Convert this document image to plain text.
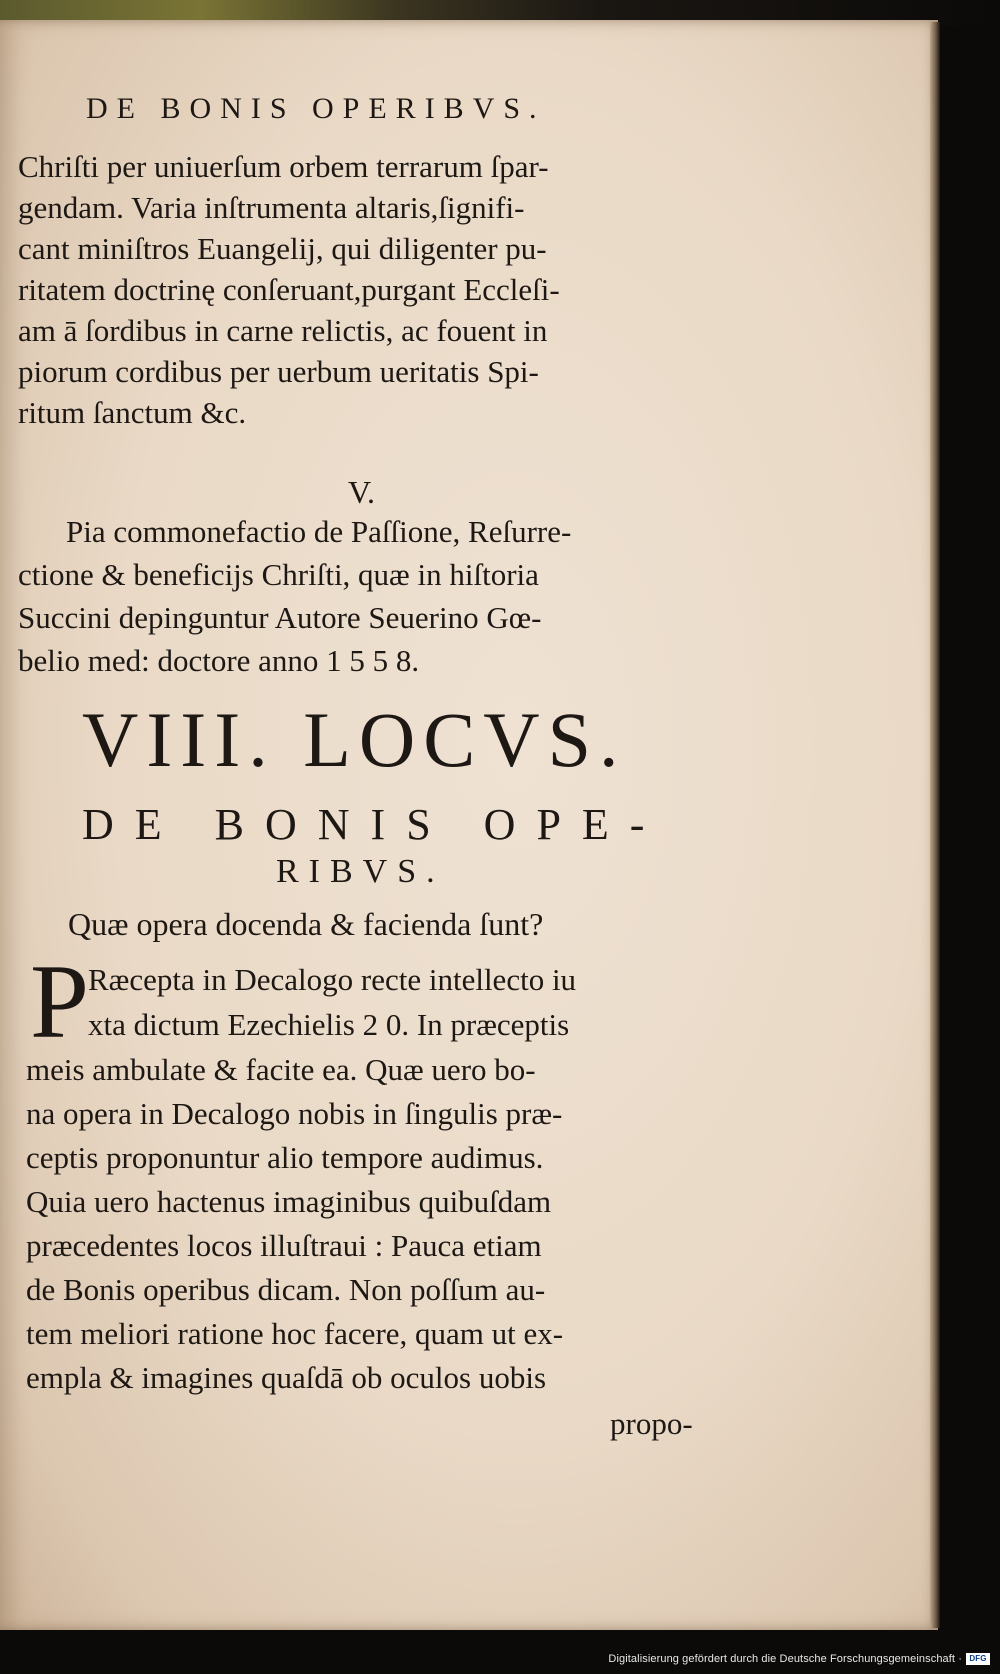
DE BONIS OPERIBVS.
Chriſti per uniuerſum orbem terrarum ſpar-
gendam. Varia inſtrumenta altaris,ſignifi-
cant miniſtros Euangelij, qui diligenter pu-
ritatem doctrinę conſeruant,purgant Eccleſi-
am ā ſordibus in carne relictis, ac fouent in
piorum cordibus per uerbum ueritatis Spi-
ritum ſanctum &c.
V.
Pia commonefactio de Paſſione, Reſurre-
ctione & beneficijs Chriſti, quæ in hiſtoria
Succini depinguntur Autore Seuerino Gœ-
belio med: doctore anno 1 5 5 8.
VIII. LOCVS.
DE BONIS OPE-
RIBVS.
Quæ opera docenda & facienda ſunt?
P Ræcepta in Decalogo recte intellecto iu
xta dictum Ezechielis 2 0. In præceptis
meis ambulate & facite ea. Quæ uero bo-
na opera in Decalogo nobis in ſingulis præ-
ceptis proponuntur alio tempore audimus.
Quia uero hactenus imaginibus quibuſdam
præcedentes locos illuſtraui : Pauca etiam
de Bonis operibus dicam. Non poſſum au-
tem meliori ratione hoc facere, quam ut ex-
empla & imagines quaſdā ob oculos uobis
propo-
Digitalisierung gefördert durch die Deutsche Forschungsgemeinschaft · DFG
